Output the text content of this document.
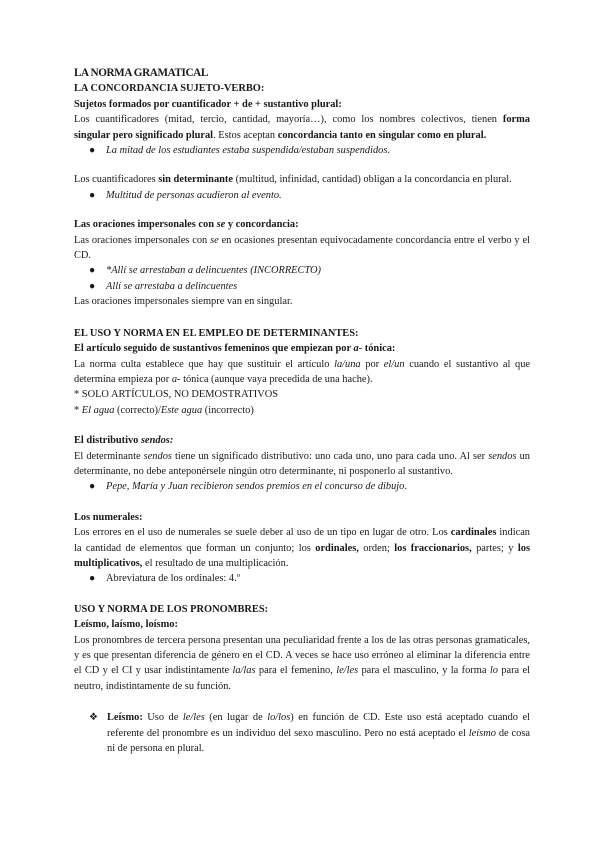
LA NORMA GRAMATICAL

LA CONCORDANCIA SUJETO-VERBO:

Sujetos formados por cuantificador + de + sustantivo plural:

Los cuantificadores (mitad, tercio, cantidad, mayoría…), como los nombres colectivos, tienen forma singular pero significado plural. Estos aceptan concordancia tanto en singular como en plural.

● La mitad de los estudiantes estaba suspendida/estaban suspendidos.

Los cuantificadores sin determinante (multitud, infinidad, cantidad) obligan a la concordancia en plural.

● Multitud de personas acudieron al evento.

Las oraciones impersonales con se y concordancia:

Las oraciones impersonales con se en ocasiones presentan equivocadamente concordancia entre el verbo y el CD.

● *Allí se arrestaban a delincuentes (INCORRECTO)

● Allí se arrestaba a delincuentes

Las oraciones impersonales siempre van en singular.

EL USO Y NORMA EN EL EMPLEO DE DETERMINANTES:

El artículo seguido de sustantivos femeninos que empiezan por a- tónica:

La norma culta establece que hay que sustituir el artículo la/una por el/un cuando el sustantivo al que determina empieza por a- tónica (aunque vaya precedida de una hache).

* SOLO ARTÍCULOS, NO DEMOSTRATIVOS

* El agua (correcto)/Este agua (incorrecto)

El distributivo sendos:

El determinante sendos tiene un significado distributivo: uno cada uno, uno para cada uno. Al ser sendos un determinante, no debe anteponérsele ningún otro determinante, ni posponerlo al sustantivo.

● Pepe, María y Juan recibieron sendos premios en el concurso de dibujo.

Los numerales:

Los errores en el uso de numerales se suele deber al uso de un tipo en lugar de otro. Los cardinales indican la cantidad de elementos que forman un conjunto; los ordinales, orden; los fraccionarios, partes; y los multiplicativos, el resultado de una multiplicación.

● Abreviatura de los ordinales: 4.º

USO Y NORMA DE LOS PRONOMBRES:

Leísmo, laísmo, loísmo:

Los pronombres de tercera persona presentan una peculiaridad frente a los de las otras personas gramaticales, y es que presentan diferencia de género en el CD. A veces se hace uso erróneo al eliminar la diferencia entre el CD y el CI y usar indistintamente la/las para el femenino, le/les para el masculino, y la forma lo para el neutro, indistintamente de su función.

❖ Leísmo: Uso de le/les (en lugar de lo/los) en función de CD. Este uso está aceptado cuando el referente del pronombre es un individuo del sexo masculino. Pero no está aceptado el leísmo de cosa ni de persona en plural.
